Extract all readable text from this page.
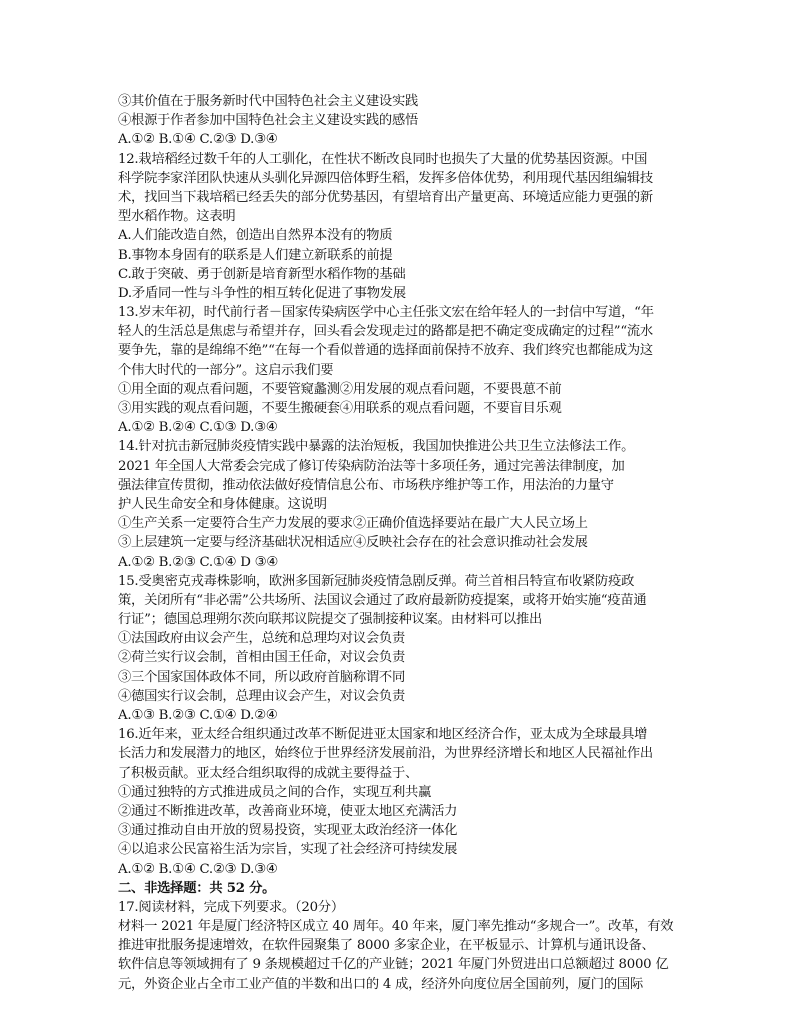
③其价值在于服务新时代中国特色社会主义建设实践
④根源于作者参加中国特色社会主义建设实践的感悟
A.①② B.①④ C.②③ D.③④
12.栽培稻经过数千年的人工驯化，在性状不断改良同时也损失了大量的优势基因资源。中国
科学院李家洋团队快速从头驯化异源四倍体野生稻，发挥多倍体优势，利用现代基因组编辑技
术，找回当下栽培稻已经丢失的部分优势基因，有望培育出产量更高、环境适应能力更强的新
型水稻作物。这表明
A.人们能改造自然，创造出自然界本没有的物质
B.事物本身固有的联系是人们建立新联系的前提
C.敢于突破、勇于创新是培育新型水稻作物的基础
D.矛盾同一性与斗争性的相互转化促进了事物发展
13.岁末年初，时代前行者－国家传染病医学中心主任张文宏在给年轻人的一封信中写道，“年
轻人的生活总是焦虑与希望并存，回头看会发现走过的路都是把不确定变成确定的过程”“流水
要争先，靠的是绵绵不绝”“在每一个看似普通的选择面前保持不放弃、我们终究也都能成为这
个伟大时代的一部分”。这启示我们要
①用全面的观点看问题，不要管窥蠡测②用发展的观点看问题，不要畏葸不前
③用实践的观点看问题，不要生搬硬套④用联系的观点看问题，不要盲目乐观
A.①② B.②④ C.①③ D.③④
14.针对抗击新冠肺炎疫情实践中暴露的法治短板，我国加快推进公共卫生立法修法工作。
2021 年全国人大常委会完成了修订传染病防治法等十多项任务，通过完善法律制度，加
强法律宣传贯彻，推动依法做好疫情信息公布、市场秩序维护等工作，用法治的力量守
护人民生命安全和身体健康。这说明
①生产关系一定要符合生产力发展的要求②正确价值选择要站在最广大人民立场上
③上层建筑一定要与经济基础状况相适应④反映社会存在的社会意识推动社会发展
A.①② B.②③ C.①④ D ③④
15.受奥密克戎毒株影响，欧洲多国新冠肺炎疫情急剧反弹。荷兰首相吕特宣布收紧防疫政
策，关闭所有“非必需”公共场所、法国议会通过了政府最新防疫提案，或将开始实施“疫苗通
行证”；德国总理朔尔茨向联邦议院提交了强制接种议案。由材料可以推出
①法国政府由议会产生，总统和总理均对议会负责
②荷兰实行议会制，首相由国王任命，对议会负责
③三个国家国体政体不同，所以政府首脑称谓不同
④德国实行议会制，总理由议会产生，对议会负责
A.①③ B.②③ C.①④ D.②④
16.近年来，亚太经合组织通过改革不断促进亚太国家和地区经济合作，亚太成为全球最具增
长活力和发展潜力的地区，始终位于世界经济发展前沿，为世界经济增长和地区人民福祉作出
了积极贡献。亚太经合组织取得的成就主要得益于、
①通过独特的方式推进成员之间的合作，实现互利共赢
②通过不断推进改革，改善商业环境，使亚太地区充满活力
③通过推动自由开放的贸易投资，实现亚太政治经济一体化
④以追求公民富裕生活为宗旨，实现了社会经济可持续发展
A.①② B.①④ C.②③ D.③④
二、非选择题：共 52 分。
17.阅读材料，完成下列要求。（20分）
材料一 2021 年是厦门经济特区成立 40 周年。40 年来，厦门率先推动“多规合一”。改革，有效
推进审批服务提速增效，在软件园聚集了 8000 多家企业，在平板显示、计算机与通讯设备、
软件信息等领域拥有了 9 条规模超过千亿的产业链；2021 年厦门外贸进出口总额超过 8000 亿
元，外资企业占全市工业产值的半数和出口的 4 成，经济外向度位居全国前列，厦门的国际
